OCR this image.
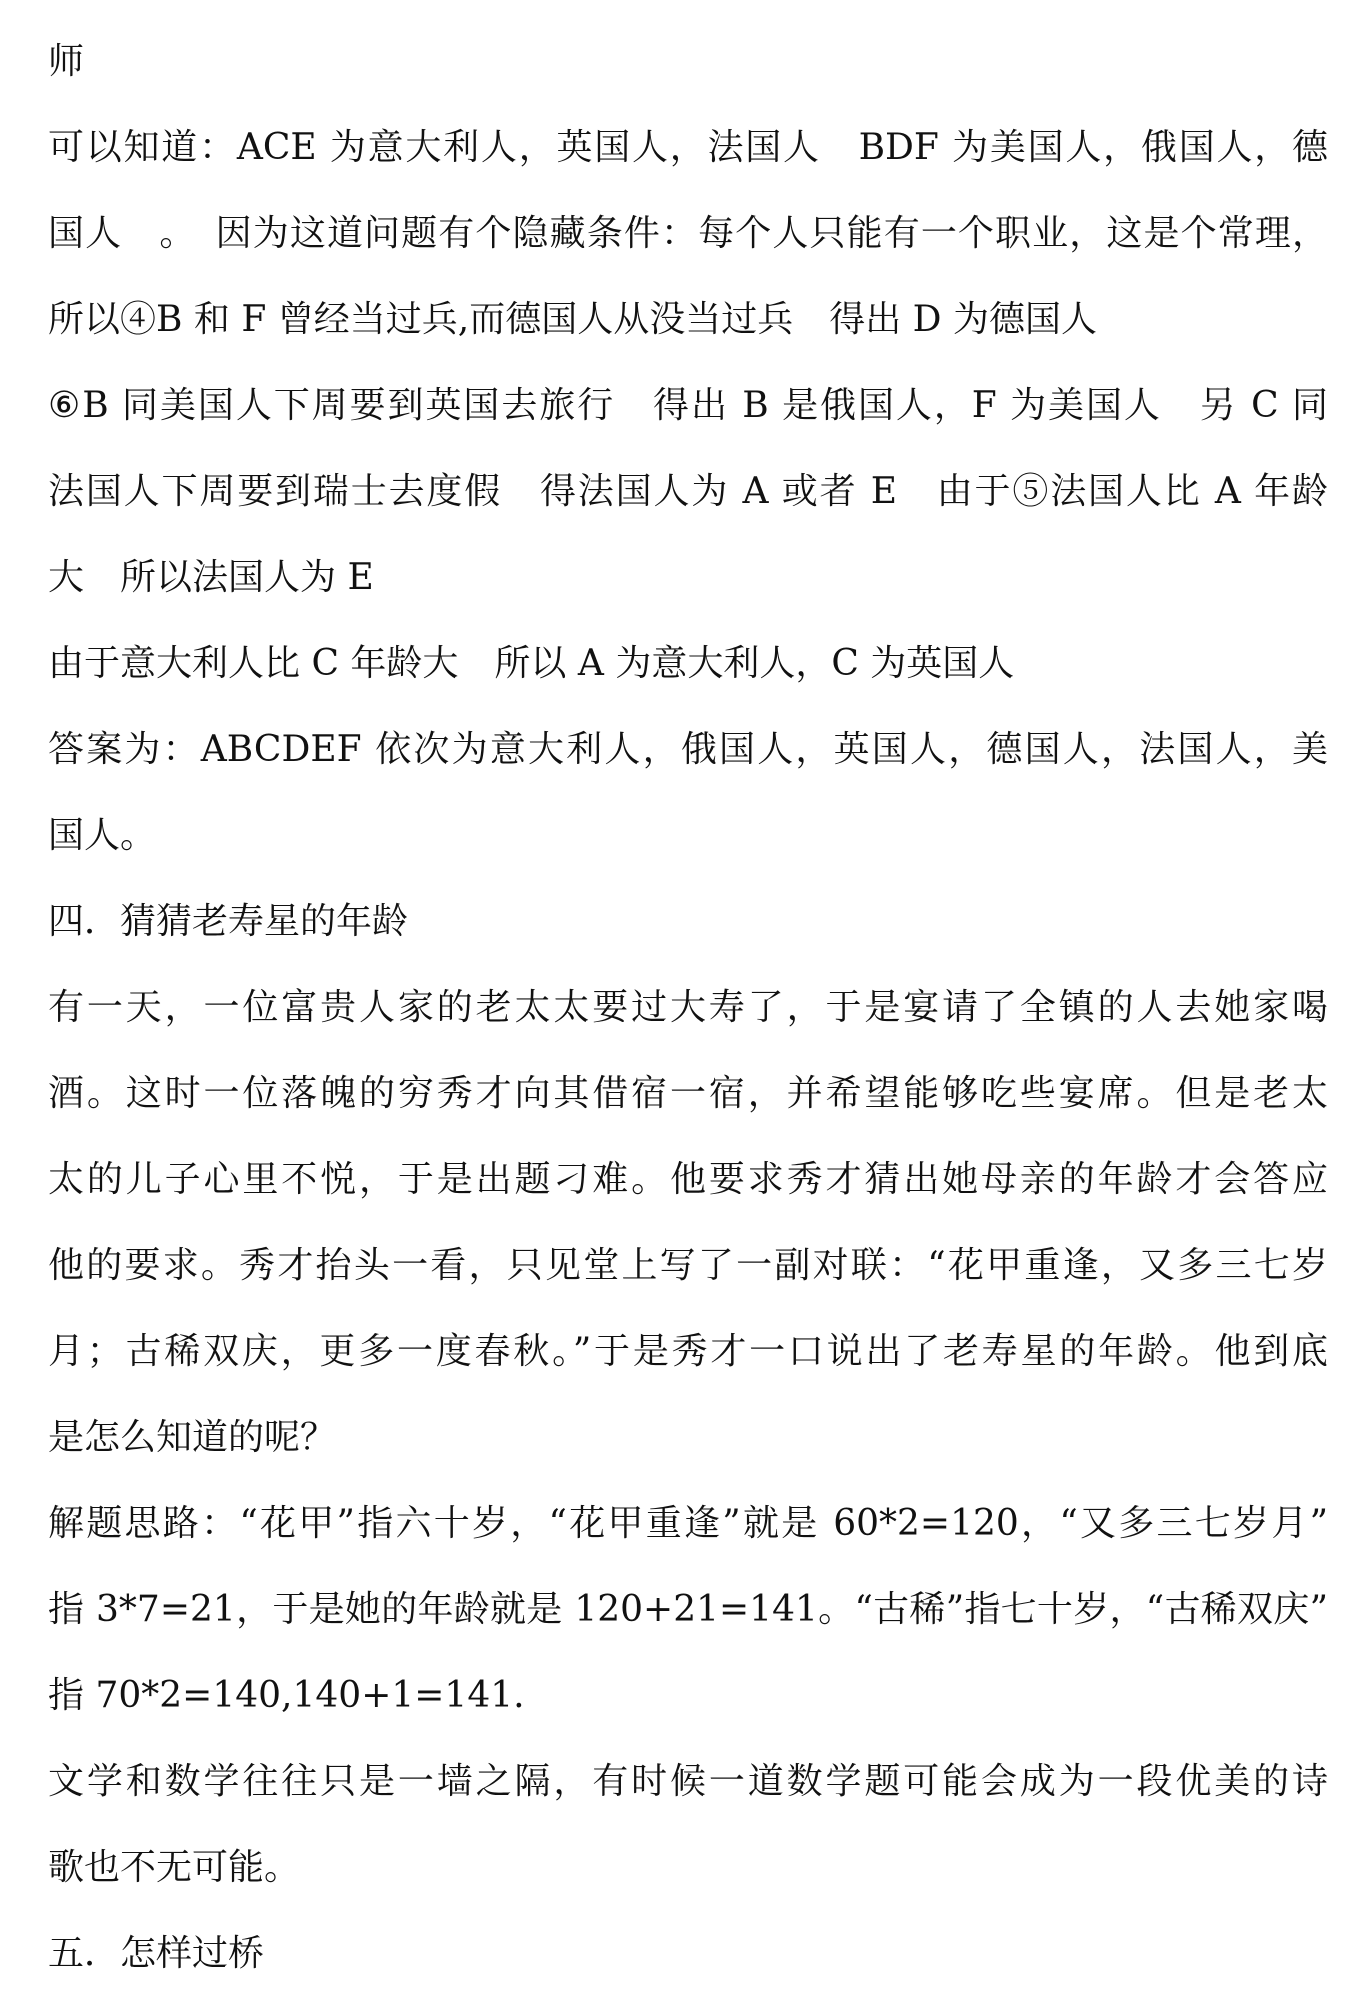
师
可以知道：ACE 为意大利人，英国人，法国人　BDF 为美国人，俄国人，德
国人　。　因为这道问题有个隐藏条件：每个人只能有一个职业，这是个常理，
所以④B 和 F 曾经当过兵,而德国人从没当过兵　得出 D 为德国人
⑥B 同美国人下周要到英国去旅行　得出 B 是俄国人，F 为美国人　另 C 同
法国人下周要到瑞士去度假　得法国人为 A 或者 E　由于⑤法国人比 A 年龄
大　所以法国人为 E
由于意大利人比 C 年龄大　所以 A 为意大利人，C 为英国人
答案为：ABCDEF 依次为意大利人，俄国人，英国人，德国人，法国人，美
国人。
四．猜猜老寿星的年龄
有一天，一位富贵人家的老太太要过大寿了，于是宴请了全镇的人去她家喝
酒。这时一位落魄的穷秀才向其借宿一宿，并希望能够吃些宴席。但是老太
太的儿子心里不悦，于是出题刁难。他要求秀才猜出她母亲的年龄才会答应
他的要求。秀才抬头一看，只见堂上写了一副对联：“花甲重逢，又多三七岁
月；古稀双庆，更多一度春秋。”于是秀才一口说出了老寿星的年龄。他到底
是怎么知道的呢？
解题思路：“花甲”指六十岁，“花甲重逢”就是 60*2=120，“又多三七岁月”
指 3*7=21，于是她的年龄就是 120+21=141。“古稀”指七十岁，“古稀双庆”
指 70*2=140,140+1=141.
文学和数学往往只是一墙之隔，有时候一道数学题可能会成为一段优美的诗
歌也不无可能。
五．怎样过桥
